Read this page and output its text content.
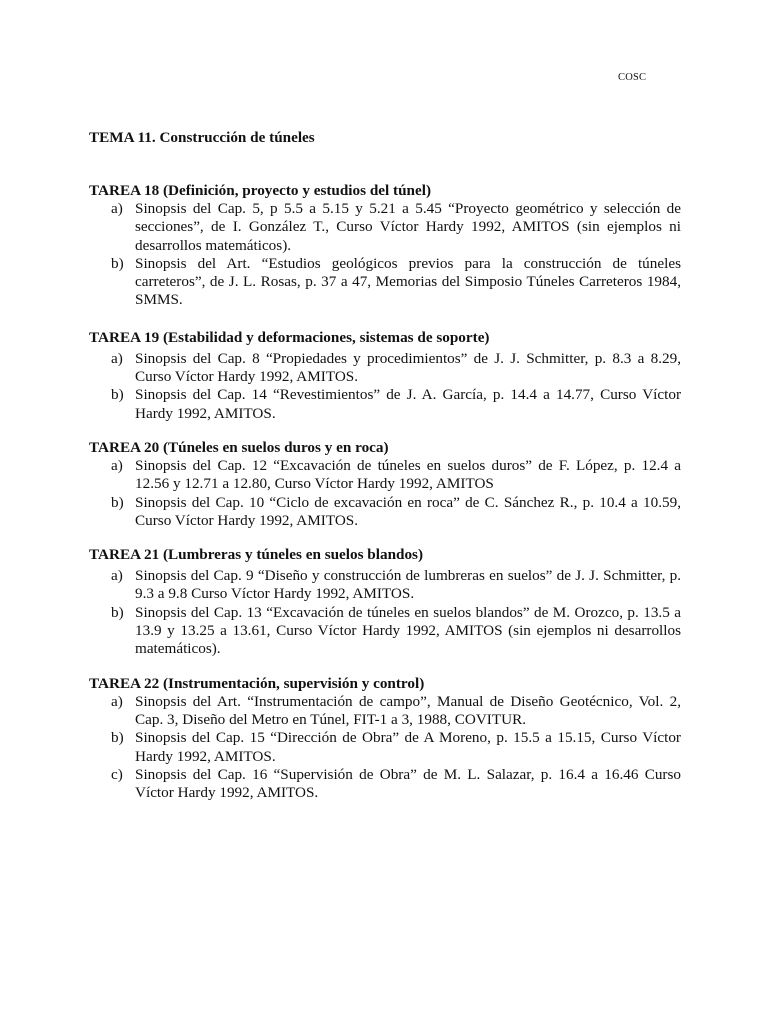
COSC
TEMA 11. Construcción de túneles
TAREA 18 (Definición, proyecto y estudios del túnel)
a) Sinopsis del Cap. 5, p 5.5 a 5.15 y 5.21 a 5.45 “Proyecto geométrico y selección de secciones”, de I. González T., Curso Víctor Hardy 1992, AMITOS (sin ejemplos ni desarrollos matemáticos).
b) Sinopsis del Art. “Estudios geológicos previos para la construcción de túneles carreteros”, de J. L. Rosas, p. 37 a 47, Memorias del Simposio Túneles Carreteros 1984, SMMS.
TAREA 19 (Estabilidad y deformaciones, sistemas de soporte)
a) Sinopsis del Cap. 8 “Propiedades y procedimientos” de J. J. Schmitter, p. 8.3 a 8.29, Curso Víctor Hardy 1992, AMITOS.
b) Sinopsis del Cap. 14 “Revestimientos” de J. A. García, p. 14.4 a 14.77, Curso Víctor Hardy 1992, AMITOS.
TAREA 20 (Túneles en suelos duros y en roca)
a) Sinopsis del Cap. 12 “Excavación de túneles en suelos duros” de F. López, p. 12.4 a 12.56 y 12.71 a 12.80, Curso Víctor Hardy 1992, AMITOS
b) Sinopsis del Cap. 10 “Ciclo de excavación en roca” de C. Sánchez R., p. 10.4 a 10.59, Curso Víctor Hardy 1992, AMITOS.
TAREA 21 (Lumbreras y túneles en suelos blandos)
a) Sinopsis del Cap. 9 “Diseño y construcción de lumbreras en suelos” de J. J. Schmitter, p. 9.3 a 9.8 Curso Víctor Hardy 1992, AMITOS.
b) Sinopsis del Cap. 13 “Excavación de túneles en suelos blandos” de M. Orozco, p. 13.5 a 13.9 y 13.25 a 13.61, Curso Víctor Hardy 1992, AMITOS (sin ejemplos ni desarrollos matemáticos).
TAREA 22 (Instrumentación, supervisión y control)
a) Sinopsis del Art. “Instrumentación de campo”, Manual de Diseño Geotécnico, Vol. 2, Cap. 3, Diseño del Metro en Túnel, FIT-1 a 3, 1988, COVITUR.
b) Sinopsis del Cap. 15 “Dirección de Obra” de A Moreno, p. 15.5 a 15.15, Curso Víctor Hardy 1992, AMITOS.
c) Sinopsis del Cap. 16 “Supervisión de Obra” de M. L. Salazar, p. 16.4 a 16.46 Curso Víctor Hardy 1992, AMITOS.
